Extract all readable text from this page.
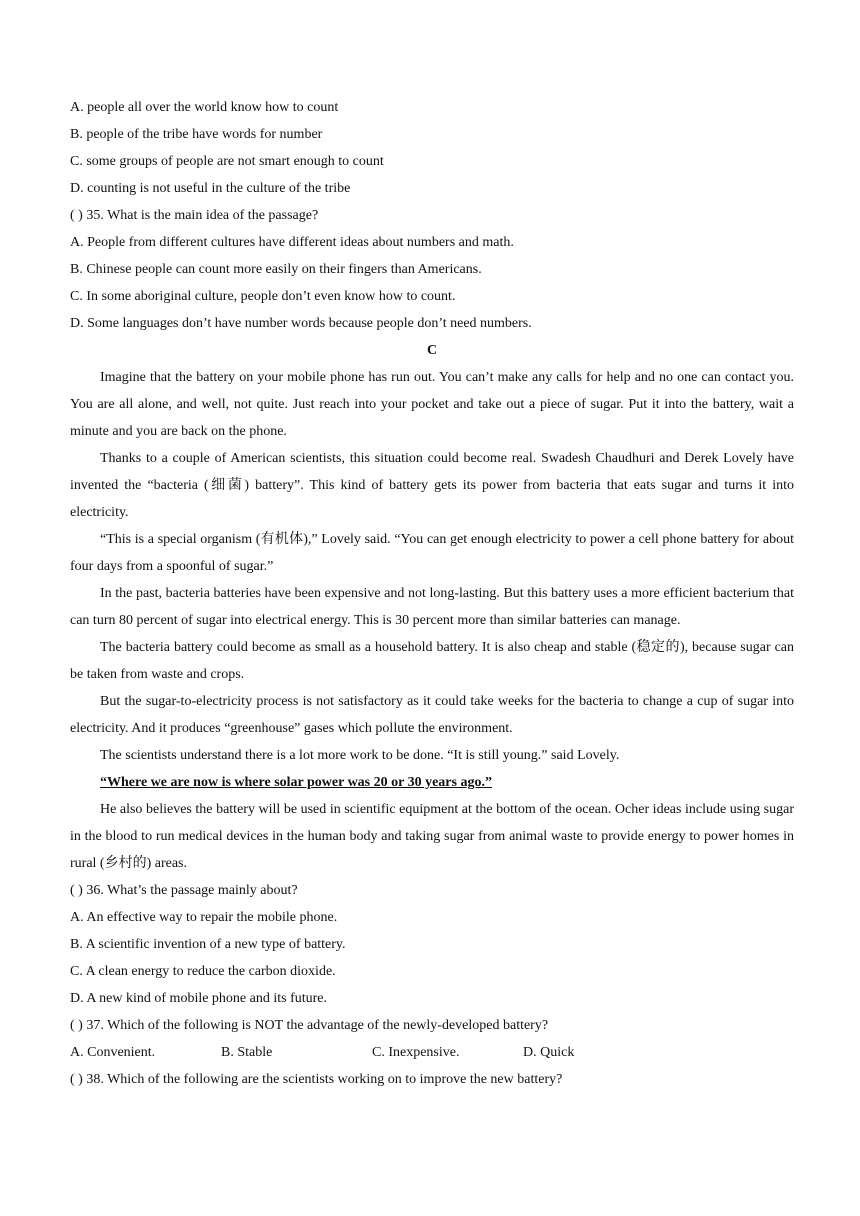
A. people all over the world know how to count
B. people of the tribe have words for number
C. some groups of people are not smart enough to count
D. counting is not useful in the culture of the tribe
( ) 35. What is the main idea of the passage?
A. People from different cultures have different ideas about numbers and math.
B. Chinese people can count more easily on their fingers than Americans.
C. In some aboriginal culture, people don’t even know how to count.
D. Some languages don’t have number words because people don’t need numbers.
C

Imagine that the battery on your mobile phone has run out. You can’t make any calls for help and no one can contact you. You are all alone, and well, not quite. Just reach into your pocket and take out a piece of sugar. Put it into the battery, wait a minute and you are back on the phone.

Thanks to a couple of American scientists, this situation could become real. Swadesh Chaudhuri and Derek Lovely have invented the “bacteria (细菌) battery”. This kind of battery gets its power from bacteria that eats sugar and turns it into electricity.

“This is a special organism (有机体),” Lovely said. “You can get enough electricity to power a cell phone battery for about four days from a spoonful of sugar.”

In the past, bacteria batteries have been expensive and not long-lasting. But this battery uses a more efficient bacterium that can turn 80 percent of sugar into electrical energy. This is 30 percent more than similar batteries can manage.

The bacteria battery could become as small as a household battery. It is also cheap and stable (稳定的), because sugar can be taken from waste and crops.

But the sugar-to-electricity process is not satisfactory as it could take weeks for the bacteria to change a cup of sugar into electricity. And it produces “greenhouse” gases which pollute the environment.

The scientists understand there is a lot more work to be done. “It is still young.” said Lovely.

“Where we are now is where solar power was 20 or 30 years ago.”

He also believes the battery will be used in scientific equipment at the bottom of the ocean. Ocher ideas include using sugar in the blood to run medical devices in the human body and taking sugar from animal waste to provide energy to power homes in rural (乡村的) areas.

( ) 36. What’s the passage mainly about?
A. An effective way to repair the mobile phone.
B. A scientific invention of a new type of battery.
C. A clean energy to reduce the carbon dioxide.
D. A new kind of mobile phone and its future.
( ) 37. Which of the following is NOT the advantage of the newly-developed battery?
A. Convenient.	B. Stable	C. Inexpensive.	D. Quick
( ) 38. Which of the following are the scientists working on to improve the new battery?
